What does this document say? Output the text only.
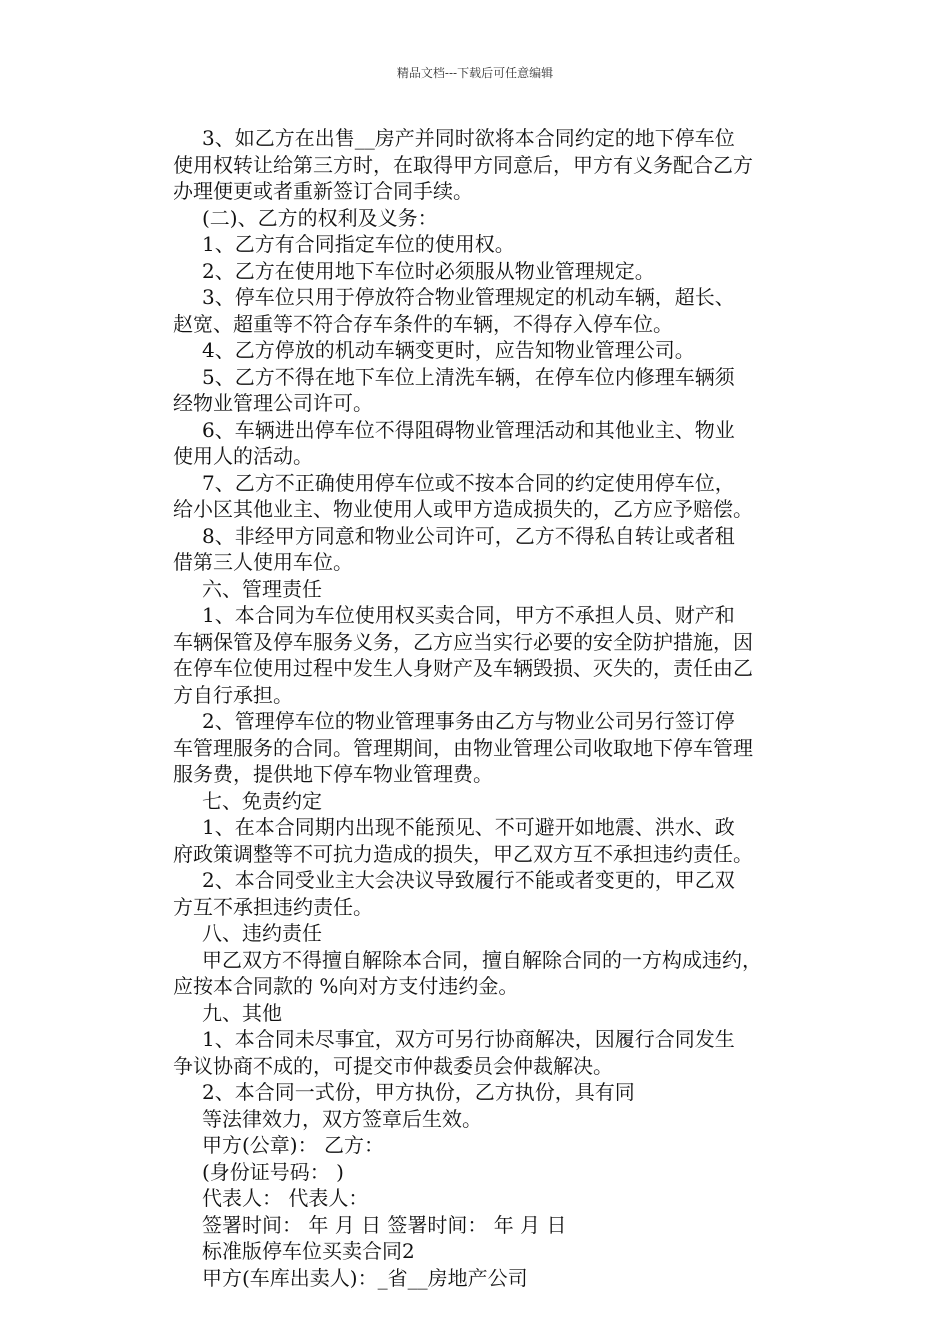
精品文档---下载后可任意编辑

3、如乙方在出售__房产并同时欲将本合同约定的地下停车位

使用权转让给第三方时，在取得甲方同意后，甲方有义务配合乙方

办理便更或者重新签订合同手续。

(二)、乙方的权利及义务：

1、乙方有合同指定车位的使用权。

2、乙方在使用地下车位时必须服从物业管理规定。

3、停车位只用于停放符合物业管理规定的机动车辆，超长、

赵宽、超重等不符合存车条件的车辆，不得存入停车位。

4、乙方停放的机动车辆变更时，应告知物业管理公司。

5、乙方不得在地下车位上清洗车辆，在停车位内修理车辆须

经物业管理公司许可。

6、车辆进出停车位不得阻碍物业管理活动和其他业主、物业

使用人的活动。

7、乙方不正确使用停车位或不按本合同的约定使用停车位，

给小区其他业主、物业使用人或甲方造成损失的，乙方应予赔偿。

8、非经甲方同意和物业公司许可，乙方不得私自转让或者租

借第三人使用车位。

六、管理责任

1、本合同为车位使用权买卖合同，甲方不承担人员、财产和

车辆保管及停车服务义务，乙方应当实行必要的安全防护措施，因

在停车位使用过程中发生人身财产及车辆毁损、灭失的，责任由乙

方自行承担。

2、管理停车位的物业管理事务由乙方与物业公司另行签订停

车管理服务的合同。管理期间，由物业管理公司收取地下停车管理

服务费，提供地下停车物业管理费。

七、免责约定

1、在本合同期内出现不能预见、不可避开如地震、洪水、政

府政策调整等不可抗力造成的损失，甲乙双方互不承担违约责任。

2、本合同受业主大会决议导致履行不能或者变更的，甲乙双

方互不承担违约责任。

八、违约责任

甲乙双方不得擅自解除本合同，擅自解除合同的一方构成违约，

应按本合同款的 %向对方支付违约金。

九、其他

1、本合同未尽事宜，双方可另行协商解决，因履行合同发生

争议协商不成的，可提交市仲裁委员会仲裁解决。

2、本合同一式份，甲方执份，乙方执份，具有同

等法律效力，双方签章后生效。

甲方(公章)： 乙方：

(身份证号码： )

代表人： 代表人：

签署时间： 年 月 日 签署时间： 年 月 日

标准版停车位买卖合同2

甲方(车库出卖人)：_省__房地产公司
